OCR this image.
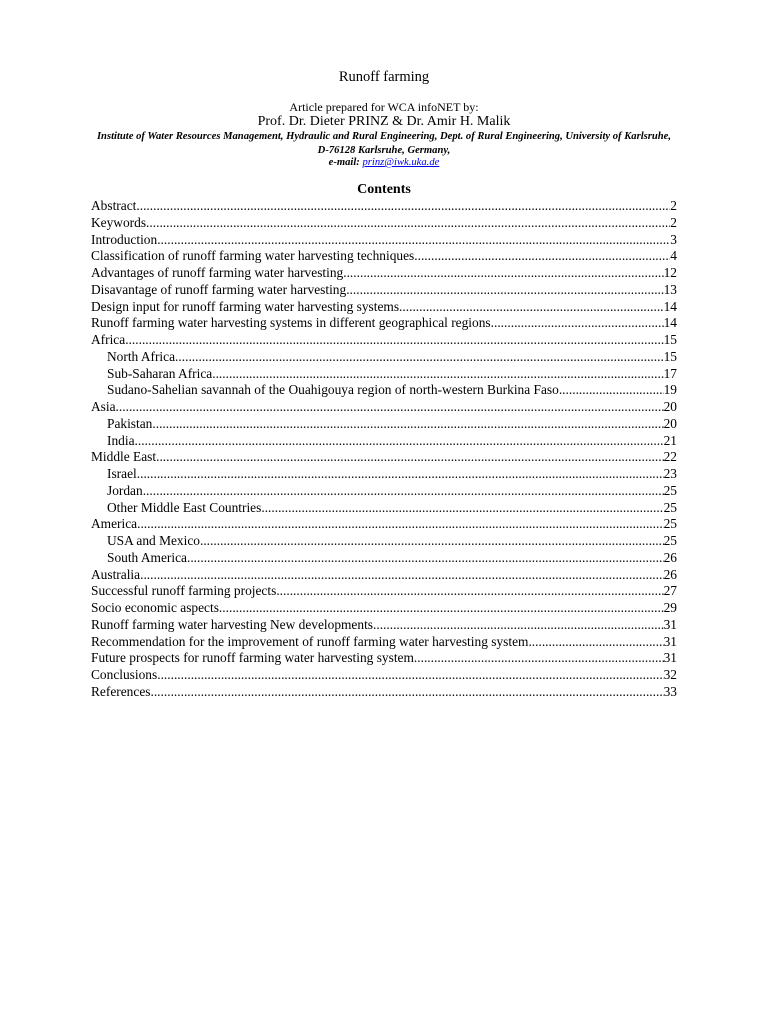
Runoff farming
Article prepared for WCA infoNET by:
Prof. Dr. Dieter PRINZ & Dr. Amir H. Malik
Institute of Water Resources Management, Hydraulic and Rural Engineering, Dept. of Rural Engineering, University of Karlsruhe, D-76128 Karlsruhe, Germany,
e-mail: prinz@iwk.uka.de
Contents
Abstract .....	2
Keywords .....	2
Introduction .....	3
Classification of runoff farming water harvesting techniques .....	4
Advantages of runoff farming water harvesting .....	12
Disavantage of runoff farming water harvesting .....	13
Design input for runoff farming water harvesting systems .....	14
Runoff farming water harvesting systems in different geographical regions .....	14
Africa .....	15
North Africa .....	15
Sub-Saharan Africa .....	17
Sudano-Sahelian savannah of the Ouahigouya region of north-western Burkina Faso .....	19
Asia .....	20
Pakistan .....	20
India .....	21
Middle East .....	22
Israel .....	23
Jordan .....	25
Other Middle East Countries .....	25
America .....	25
USA and Mexico .....	25
South America .....	26
Australia .....	26
Successful runoff farming projects .....	27
Socio economic aspects .....	29
Runoff farming water harvesting New developments .....	31
Recommendation for the improvement of runoff farming water harvesting system .....	31
Future prospects for runoff farming water harvesting system .....	31
Conclusions .....	32
References .....	33
